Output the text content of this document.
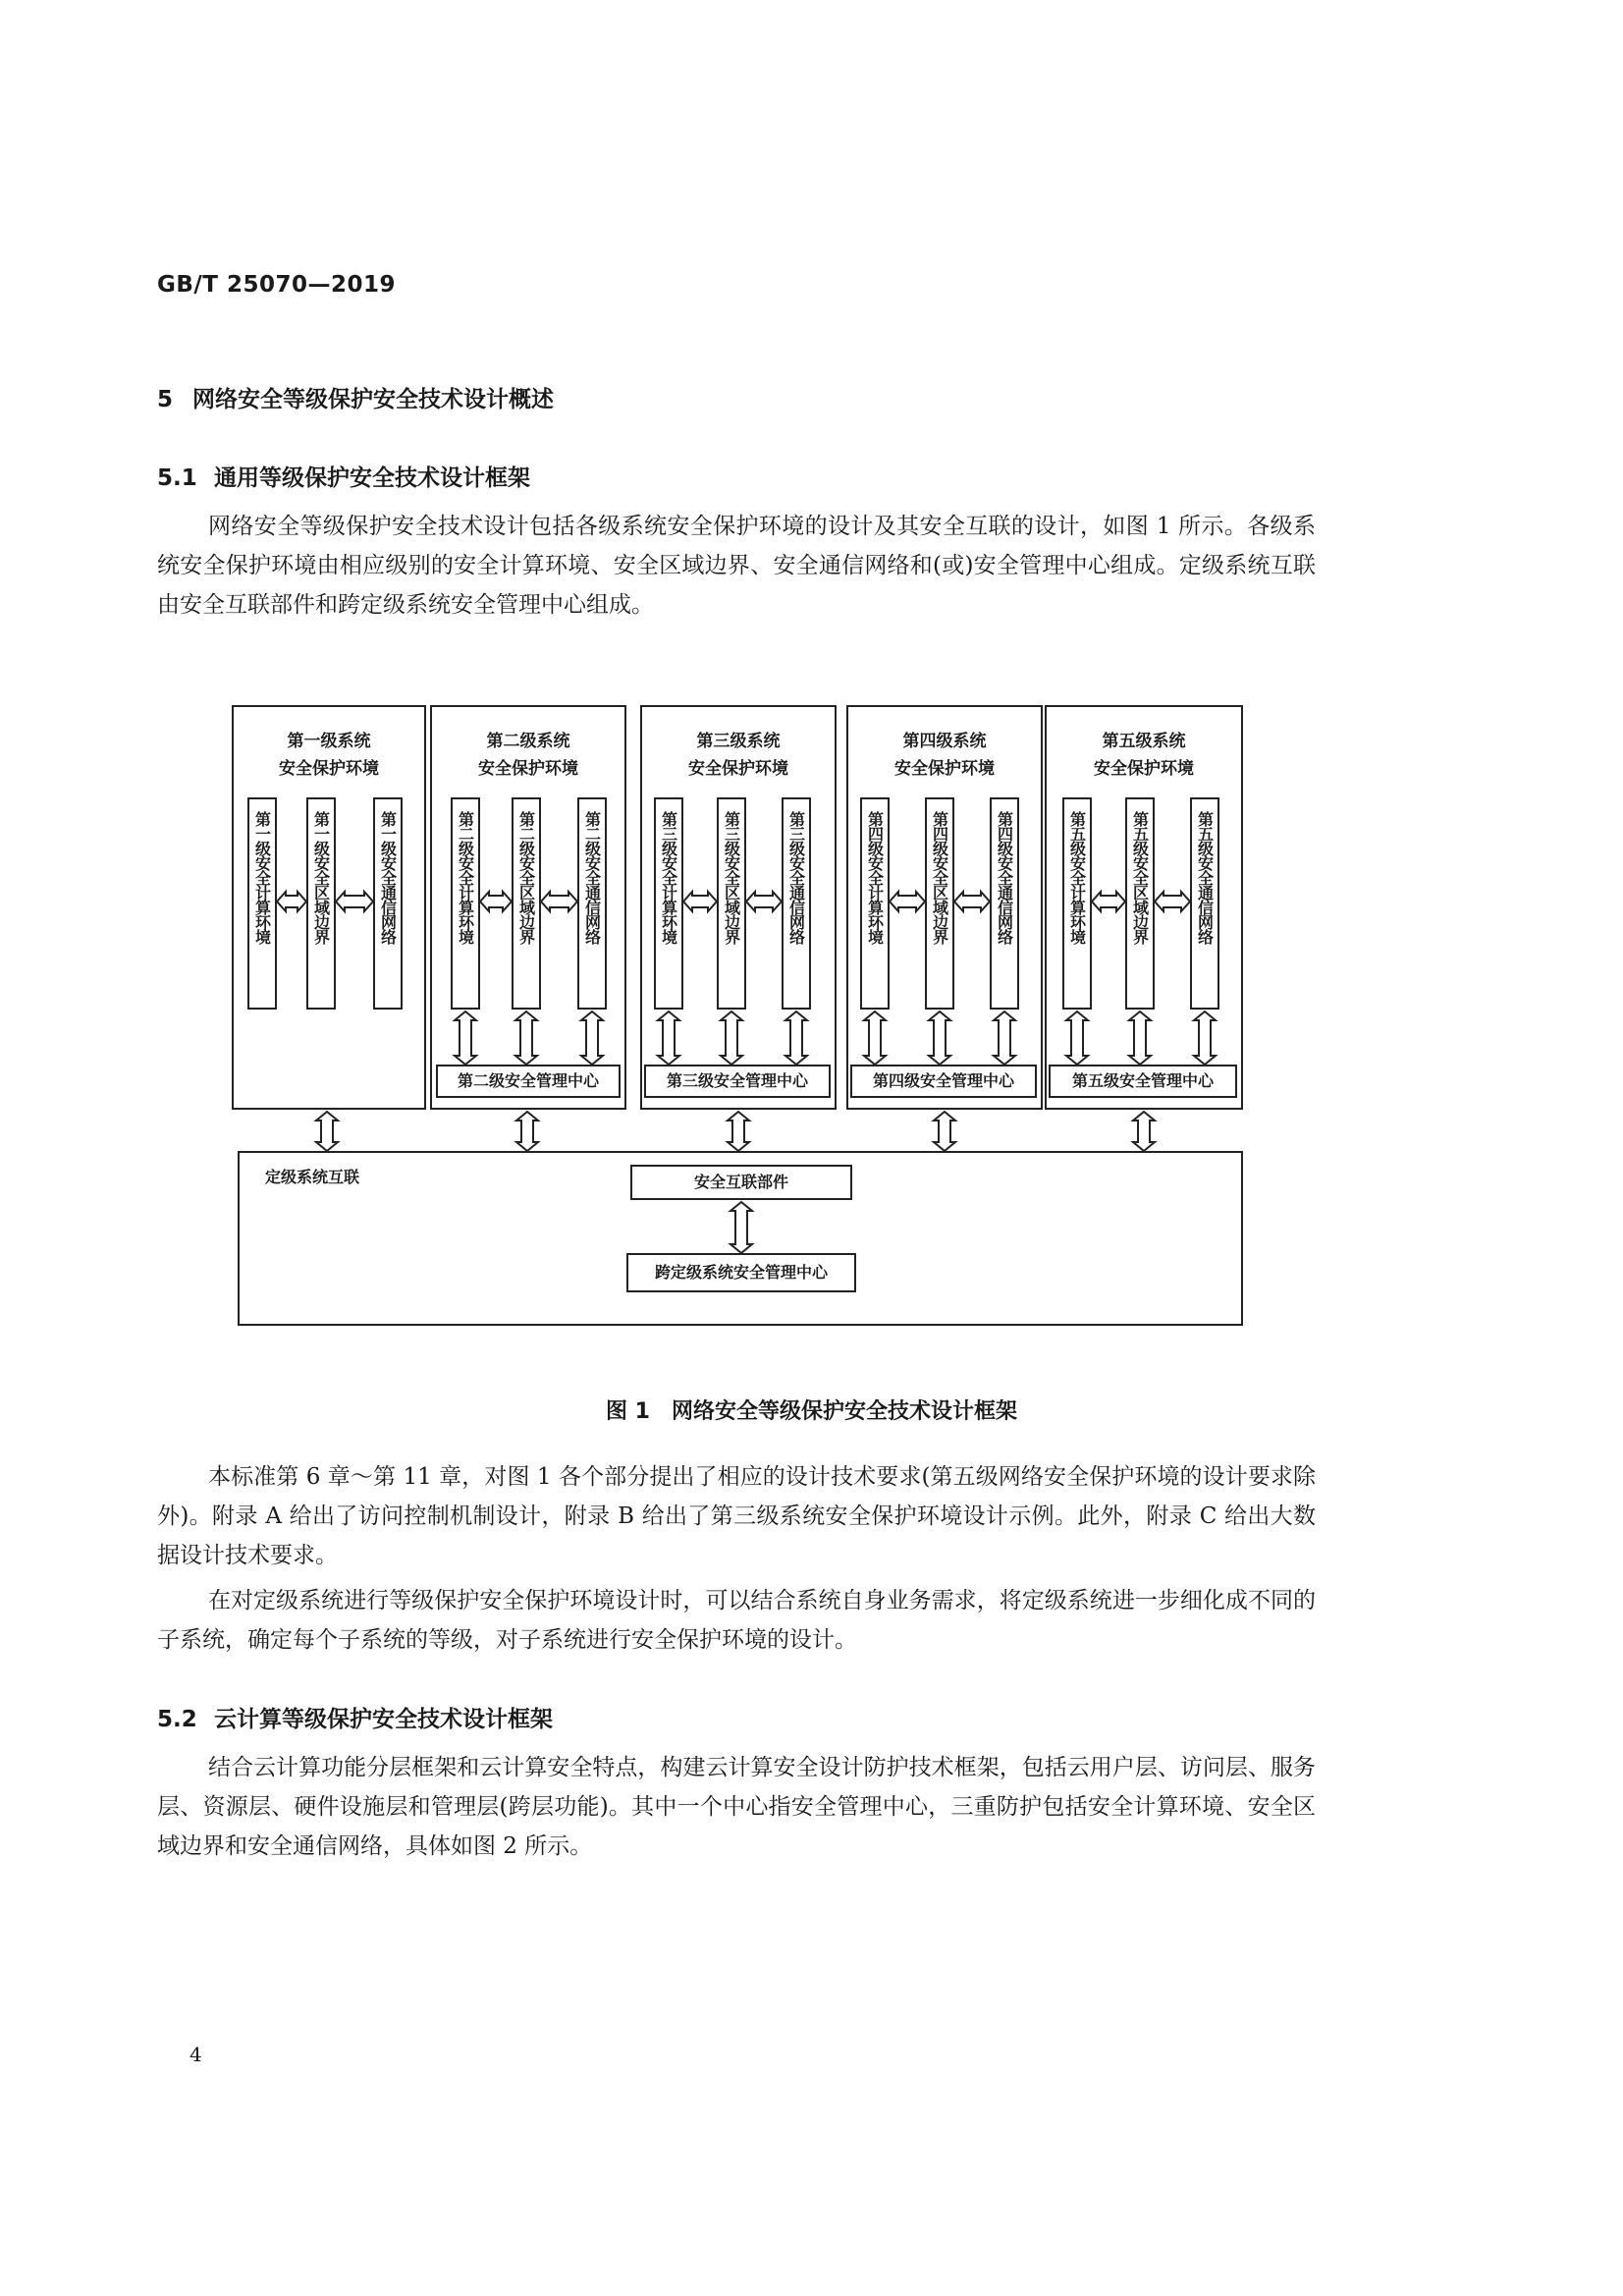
GB/T 25070—2019
5 网络安全等级保护安全技术设计概述
5.1 通用等级保护安全技术设计框架

网络安全等级保护安全技术设计包括各级系统安全保护环境的设计及其安全互联的设计，如图 1 所示。各级系统安全保护环境由相应级别的安全计算环境、安全区域边界、安全通信网络和(或)安全管理中心组成。定级系统互联由安全互联部件和跨定级系统安全管理中心组成。

第一级系统
安全保护环境
第二级系统
安全保护环境
第三级系统
安全保护环境
第四级系统
安全保护环境
第五级系统
安全保护环境
第一级安全计算环境	第一级安全区域边界	第一级安全通信网络	第二级安全计算环境	第二级安全区域边界	第二级安全通信网络	第三级安全计算环境	第三级安全区域边界	第三级安全通信网络	第四级安全计算环境	第四级安全区域边界	第四级安全通信网络	第五级安全计算环境	第五级安全区域边界	第五级安全通信网络
第二级安全管理中心	第三级安全管理中心	第四级安全管理中心	第五级安全管理中心
定级系统互联	安全互联部件
跨定级系统安全管理中心
图 1　网络安全等级保护安全技术设计框架

本标准第 6 章～第 11 章，对图 1 各个部分提出了相应的设计技术要求(第五级网络安全保护环境的设计要求除外)。附录 A 给出了访问控制机制设计，附录 B 给出了第三级系统安全保护环境设计示例。此外，附录 C 给出大数据设计技术要求。

在对定级系统进行等级保护安全保护环境设计时，可以结合系统自身业务需求，将定级系统进一步细化成不同的子系统，确定每个子系统的等级，对子系统进行安全保护环境的设计。

5.2 云计算等级保护安全技术设计框架

结合云计算功能分层框架和云计算安全特点，构建云计算安全设计防护技术框架，包括云用户层、访问层、服务层、资源层、硬件设施层和管理层(跨层功能)。其中一个中心指安全管理中心，三重防护包括安全计算环境、安全区域边界和安全通信网络，具体如图 2 所示。

4
